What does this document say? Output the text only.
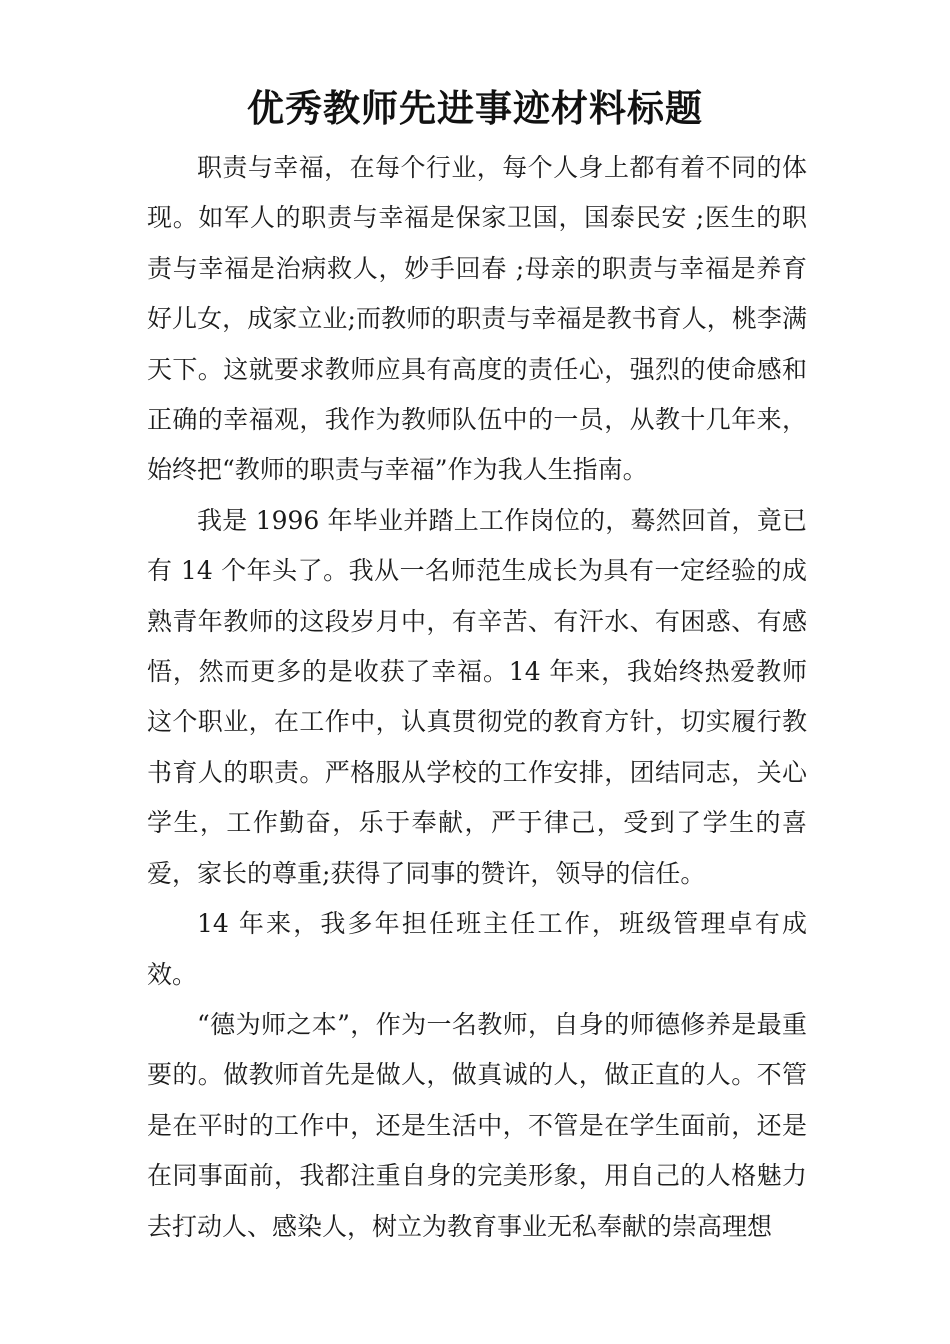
优秀教师先进事迹材料标题

职责与幸福，在每个行业，每个人身上都有着不同的体现。如军人的职责与幸福是保家卫国，国泰民安 ;医生的职责与幸福是治病救人，妙手回春 ;母亲的职责与幸福是养育好儿女，成家立业;而教师的职责与幸福是教书育人，桃李满天下。这就要求教师应具有高度的责任心，强烈的使命感和正确的幸福观，我作为教师队伍中的一员，从教十几年来，始终把“教师的职责与幸福”作为我人生指南。

我是 1996 年毕业并踏上工作岗位的，蓦然回首，竟已有 14 个年头了。我从一名师范生成长为具有一定经验的成熟青年教师的这段岁月中，有辛苦、有汗水、有困惑、有感悟，然而更多的是收获了幸福。14 年来，我始终热爱教师这个职业，在工作中，认真贯彻党的教育方针，切实履行教书育人的职责。严格服从学校的工作安排，团结同志，关心学生，工作勤奋，乐于奉献，严于律己，受到了学生的喜爱，家长的尊重;获得了同事的赞许，领导的信任。

14 年来，我多年担任班主任工作，班级管理卓有成效。

“德为师之本”，作为一名教师，自身的师德修养是最重要的。做教师首先是做人，做真诚的人，做正直的人。不管是在平时的工作中，还是生活中，不管是在学生面前，还是在同事面前，我都注重自身的完美形象，用自己的人格魅力去打动人、感染人，树立为教育事业无私奉献的崇高理想
